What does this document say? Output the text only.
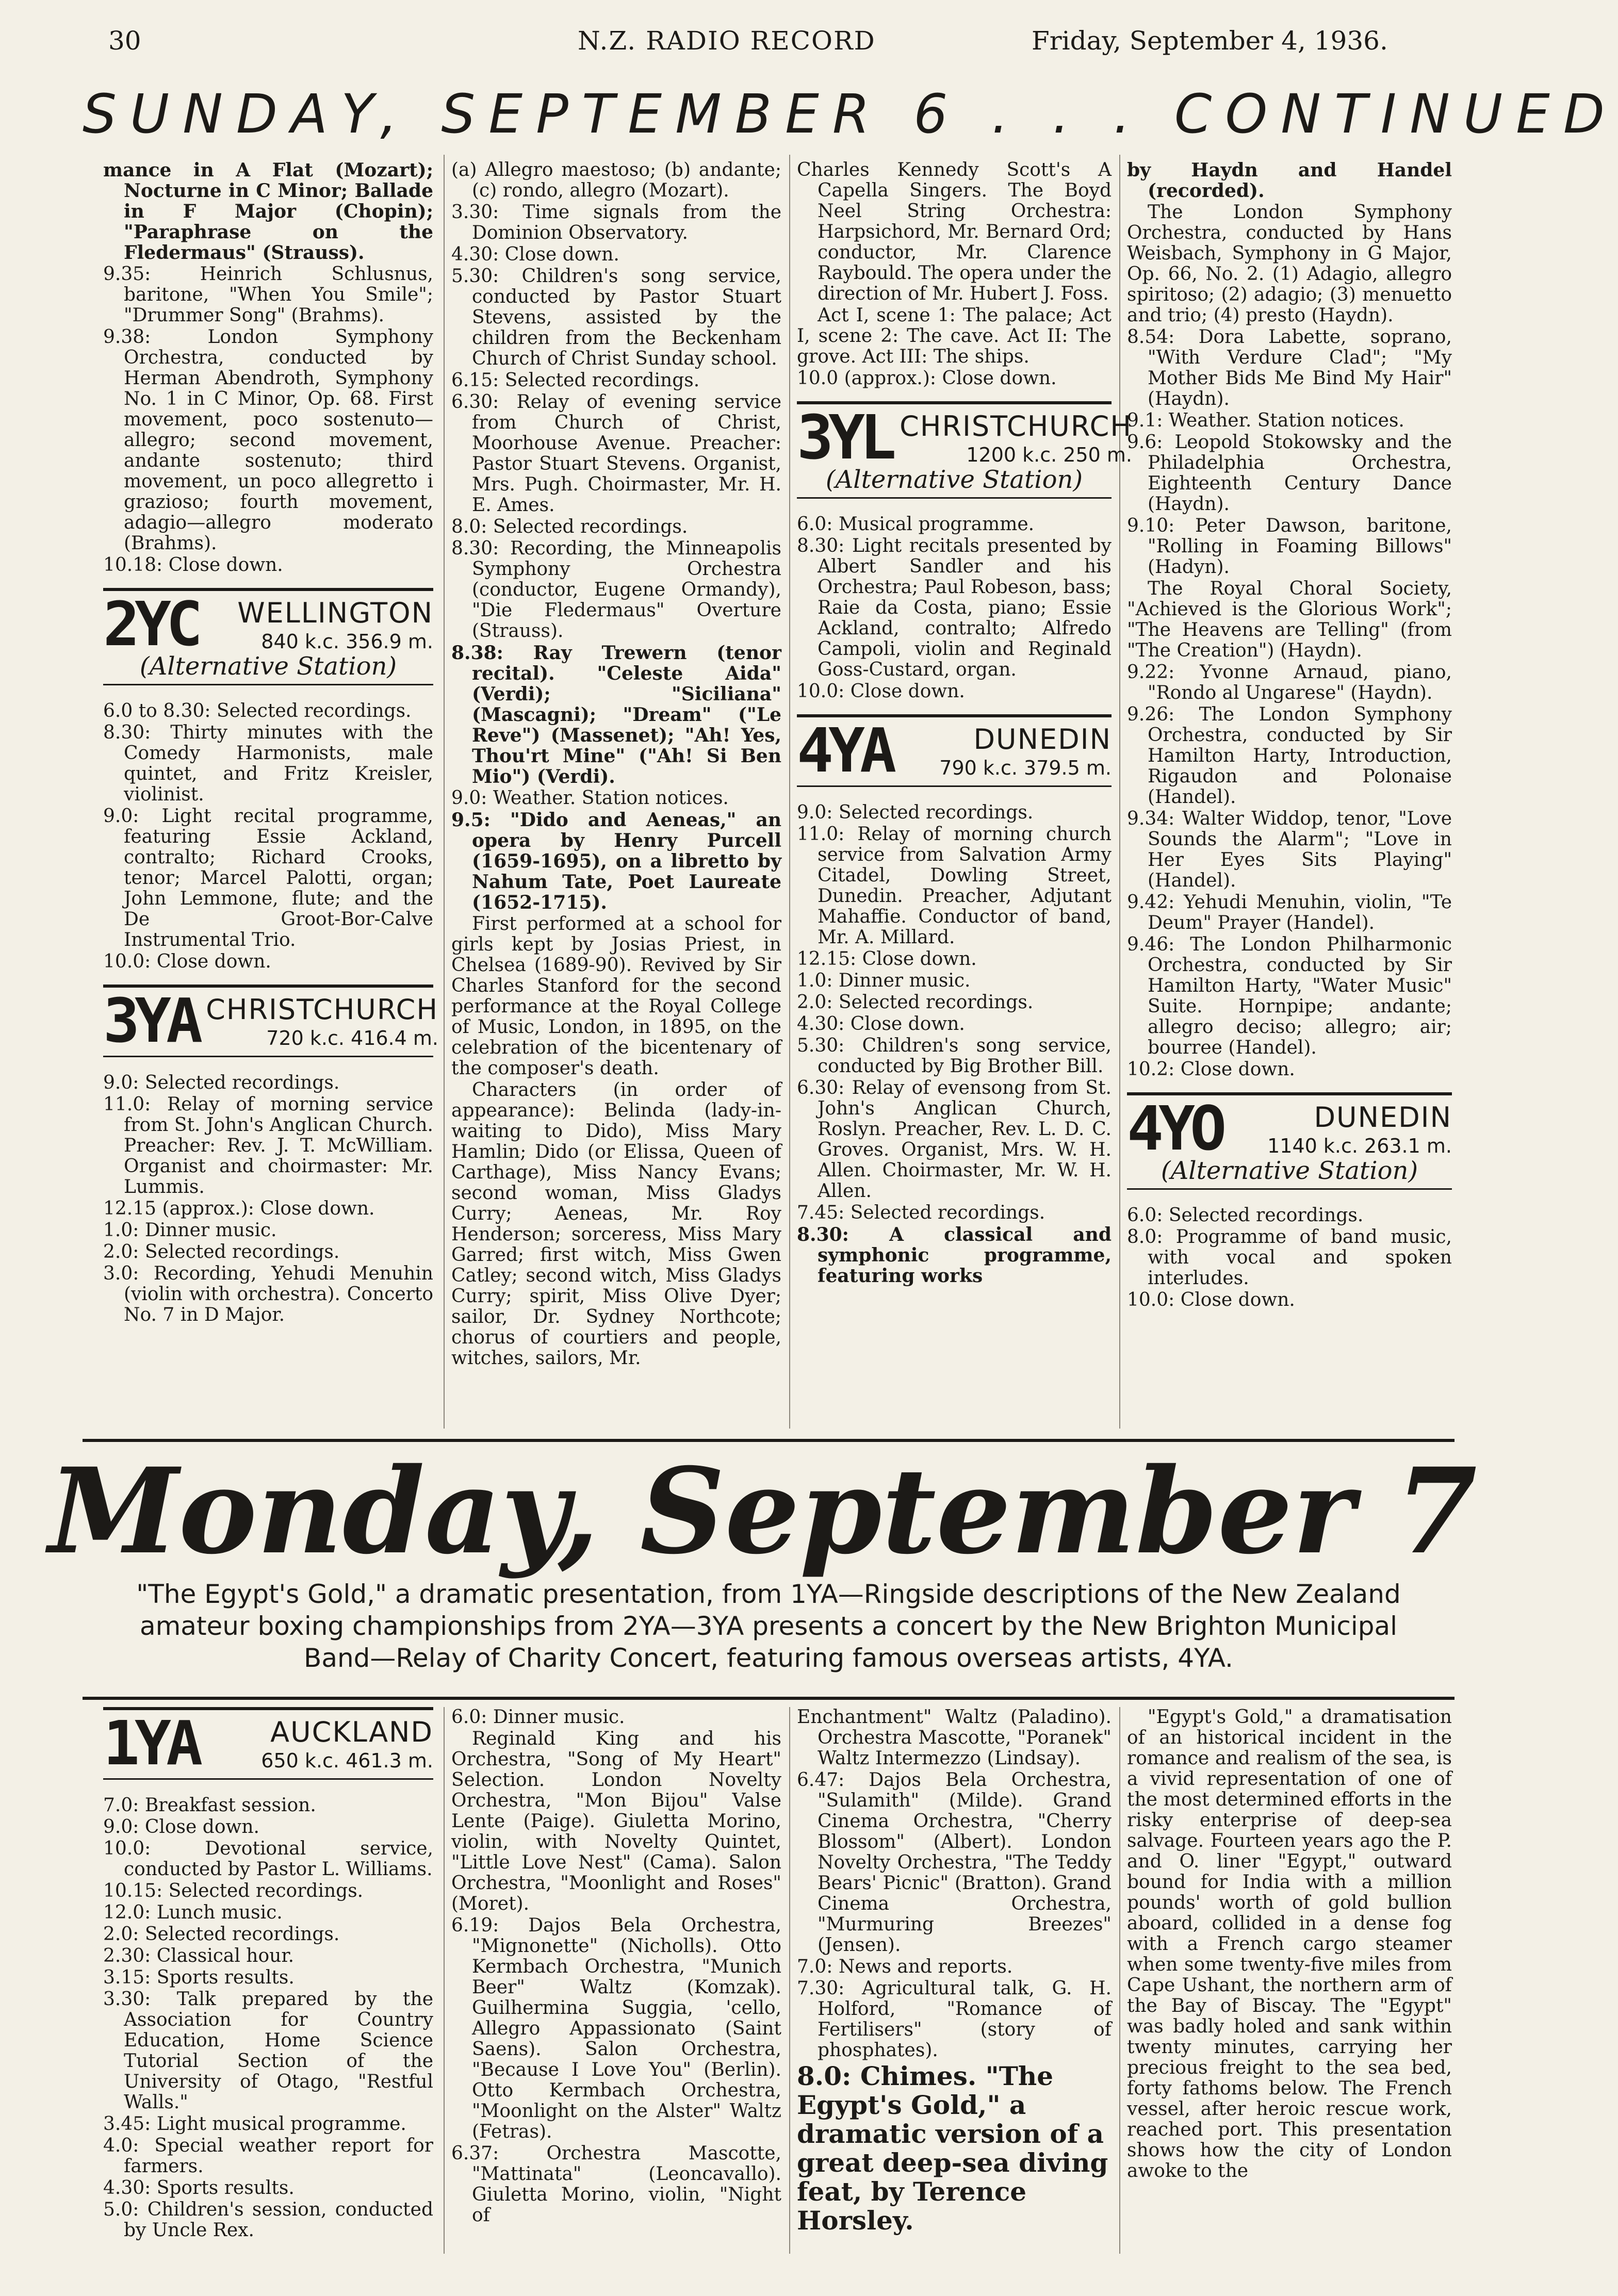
30	N.Z. RADIO RECORD	Friday, September 4, 1936.
SUNDAY, SEPTEMBER 6 . . . CONTINUED

mance in A Flat (Mozart); Nocturne in C Minor; Ballade in F Major (Chopin); "Paraphrase on the Fledermaus" (Strauss).

9.35: Heinrich Schlusnus, baritone, "When You Smile"; "Drummer Song" (Brahms).

9.38: London Symphony Orchestra, conducted by Herman Abendroth, Symphony No. 1 in C Minor, Op. 68. First movement, poco sostenuto—allegro; second movement, andante sostenuto; third movement, un poco allegretto i grazioso; fourth movement, adagio—allegro moderato (Brahms).

10.18: Close down.

2YC	WELLINGTON
840 k.c. 356.9 m.
(Alternative Station)

6.0 to 8.30: Selected recordings.

8.30: Thirty minutes with the Comedy Harmonists, male quintet, and Fritz Kreisler, violinist.

9.0: Light recital programme, featuring Essie Ackland, contralto; Richard Crooks, tenor; Marcel Palotti, organ; John Lemmone, flute; and the De Groot-Bor-Calve Instrumental Trio.

10.0: Close down.

3YA CHRISTCHURCH
720 k.c. 416.4 m.

9.0: Selected recordings.

11.0: Relay of morning service from St. John's Anglican Church. Preacher: Rev. J. T. McWilliam. Organist and choirmaster: Mr. Lummis.

12.15 (approx.): Close down.

1.0: Dinner music.

2.0: Selected recordings.

3.0: Recording, Yehudi Menuhin (violin with orchestra). Concerto No. 7 in D Major.

(a) Allegro maestoso; (b) andante; (c) rondo, allegro (Mozart).

3.30: Time signals from the Dominion Observatory.

4.30: Close down.

5.30: Children's song service, conducted by Pastor Stuart Stevens, assisted by the children from the Beckenham Church of Christ Sunday school.

6.15: Selected recordings.

6.30: Relay of evening service from Church of Christ, Moorhouse Avenue. Preacher: Pastor Stuart Stevens. Organist, Mrs. Pugh. Choirmaster, Mr. H. E. Ames.

8.0: Selected recordings.

8.30: Recording, the Minneapolis Symphony Orchestra (conductor, Eugene Ormandy), "Die Fledermaus" Overture (Strauss).

8.38: Ray Trewern (tenor recital). "Celeste Aida" (Verdi); "Siciliana" (Mascagni); "Dream" ("Le Reve") (Massenet); "Ah! Yes, Thou'rt Mine" ("Ah! Si Ben Mio") (Verdi).

9.0: Weather. Station notices.

9.5: "Dido and Aeneas," an opera by Henry Purcell (1659-1695), on a libretto by Nahum Tate, Poet Laureate (1652-1715).

First performed at a school for girls kept by Josias Priest, in Chelsea (1689-90). Revived by Sir Charles Stanford for the second performance at the Royal College of Music, London, in 1895, on the celebration of the bicentenary of the composer's death.

Characters (in order of appearance): Belinda (lady-in-waiting to Dido), Miss Mary Hamlin; Dido (or Elissa, Queen of Carthage), Miss Nancy Evans; second woman, Miss Gladys Curry; Aeneas, Mr. Roy Henderson; sorceress, Miss Mary Garred; first witch, Miss Gwen Catley; second witch, Miss Gladys Curry; spirit, Miss Olive Dyer; sailor, Dr. Sydney Northcote; chorus of courtiers and people, witches, sailors, Mr.

Charles Kennedy Scott's A Capella Singers. The Boyd Neel String Orchestra: Harpsichord, Mr. Bernard Ord; conductor, Mr. Clarence Raybould. The opera under the direction of Mr. Hubert J. Foss.

Act I, scene 1: The palace; Act I, scene 2: The cave. Act II: The grove. Act III: The ships.

10.0 (approx.): Close down.

3YL CHRISTCHURCH
1200 k.c. 250 m.
(Alternative Station)

6.0: Musical programme.

8.30: Light recitals presented by Albert Sandler and his Orchestra; Paul Robeson, bass; Raie da Costa, piano; Essie Ackland, contralto; Alfredo Campoli, violin and Reginald Goss-Custard, organ.

10.0: Close down.

4YA	DUNEDIN
790 k.c. 379.5 m.

9.0: Selected recordings.

11.0: Relay of morning church service from Salvation Army Citadel, Dowling Street, Dunedin. Preacher, Adjutant Mahaffie. Conductor of band, Mr. A. Millard.

12.15: Close down.

1.0: Dinner music.

2.0: Selected recordings.

4.30: Close down.

5.30: Children's song service, conducted by Big Brother Bill.

6.30: Relay of evensong from St. John's Anglican Church, Roslyn. Preacher, Rev. L. D. C. Groves. Organist, Mrs. W. H. Allen. Choirmaster, Mr. W. H. Allen.

7.45: Selected recordings.

8.30: A classical and symphonic programme, featuring works

by Haydn and Handel (recorded).

The London Symphony Orchestra, conducted by Hans Weisbach, Symphony in G Major, Op. 66, No. 2. (1) Adagio, allegro spiritoso; (2) adagio; (3) menuetto and trio; (4) presto (Haydn).

8.54: Dora Labette, soprano, "With Verdure Clad"; "My Mother Bids Me Bind My Hair" (Haydn).

9.1: Weather. Station notices.

9.6: Leopold Stokowsky and the Philadelphia Orchestra, Eighteenth Century Dance (Haydn).

9.10: Peter Dawson, baritone, "Rolling in Foaming Billows" (Hadyn).

The Royal Choral Society, "Achieved is the Glorious Work"; "The Heavens are Telling" (from "The Creation") (Haydn).

9.22: Yvonne Arnaud, piano, "Rondo al Ungarese" (Haydn).

9.26: The London Symphony Orchestra, conducted by Sir Hamilton Harty, Introduction, Rigaudon and Polonaise (Handel).

9.34: Walter Widdop, tenor, "Love Sounds the Alarm"; "Love in Her Eyes Sits Playing" (Handel).

9.42: Yehudi Menuhin, violin, "Te Deum" Prayer (Handel).

9.46: The London Philharmonic Orchestra, conducted by Sir Hamilton Harty, "Water Music" Suite. Hornpipe; andante; allegro deciso; allegro; air; bourree (Handel).

10.2: Close down.

4YO	DUNEDIN
1140 k.c. 263.1 m.
(Alternative Station)

6.0: Selected recordings.

8.0: Programme of band music, with vocal and spoken interludes.

10.0: Close down.

Monday, September 7
"The Egypt's Gold," a dramatic presentation, from 1YA—Ringside descriptions of the New Zealand amateur boxing championships from 2YA—3YA presents a concert by the New Brighton Municipal Band—Relay of Charity Concert, featuring famous overseas artists, 4YA.
1YA	AUCKLAND
650 k.c. 461.3 m.

7.0: Breakfast session.

9.0: Close down.

10.0: Devotional service, conducted by Pastor L. Williams.

10.15: Selected recordings.

12.0: Lunch music.

2.0: Selected recordings.

2.30: Classical hour.

3.15: Sports results.

3.30: Talk prepared by the Association for Country Education, Home Science Tutorial Section of the University of Otago, "Restful Walls."

3.45: Light musical programme.

4.0: Special weather report for farmers.

4.30: Sports results.

5.0: Children's session, conducted by Uncle Rex.

6.0: Dinner music.

Reginald King and his Orchestra, "Song of My Heart" Selection. London Novelty Orchestra, "Mon Bijou" Valse Lente (Paige). Giuletta Morino, violin, with Novelty Quintet, "Little Love Nest" (Cama). Salon Orchestra, "Moonlight and Roses" (Moret).

6.19: Dajos Bela Orchestra, "Mignonette" (Nicholls). Otto Kermbach Orchestra, "Munich Beer" Waltz (Komzak). Guilhermina Suggia, 'cello, Allegro Appassionato (Saint Saens). Salon Orchestra, "Because I Love You" (Berlin). Otto Kermbach Orchestra, "Moonlight on the Alster" Waltz (Fetras).

6.37: Orchestra Mascotte, "Mattinata" (Leoncavallo). Giuletta Morino, violin, "Night of

Enchantment" Waltz (Paladino). Orchestra Mascotte, "Poranek" Waltz Intermezzo (Lindsay).

6.47: Dajos Bela Orchestra, "Sulamith" (Milde). Grand Cinema Orchestra, "Cherry Blossom" (Albert). London Novelty Orchestra, "The Teddy Bears' Picnic" (Bratton). Grand Cinema Orchestra, "Murmuring Breezes" (Jensen).

7.0: News and reports.

7.30: Agricultural talk, G. H. Holford, "Romance of Fertilisers" (story of phosphates).

8.0: Chimes. "The Egypt's Gold," a dramatic version of a great deep-sea diving feat, by Terence Horsley.

"Egypt's Gold," a dramatisation of an historical incident in the romance and realism of the sea, is a vivid representation of one of the most determined efforts in the risky enterprise of deep-sea salvage. Fourteen years ago the P. and O. liner "Egypt," outward bound for India with a million pounds' worth of gold bullion aboard, collided in a dense fog with a French cargo steamer when some twenty-five miles from Cape Ushant, the northern arm of the Bay of Biscay. The "Egypt" was badly holed and sank within twenty minutes, carrying her precious freight to the sea bed, forty fathoms below. The French vessel, after heroic rescue work, reached port. This presentation shows how the city of London awoke to the
